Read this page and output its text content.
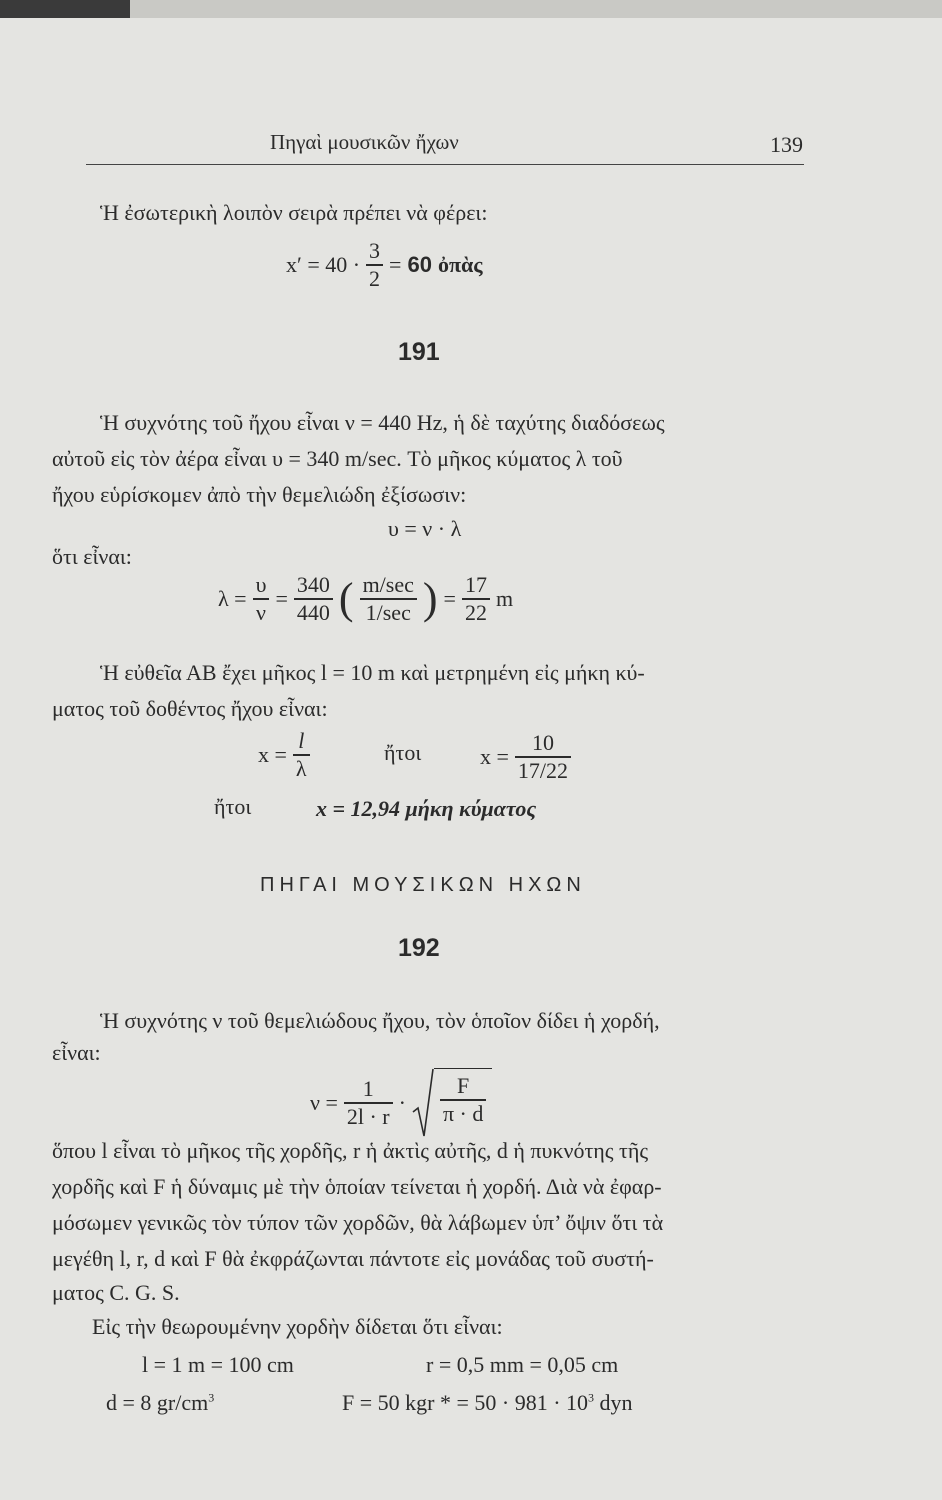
Πηγαὶ μουσικῶν ἤχων	139
Ἡ ἐσωτερικὴ λοιπὸν σειρὰ πρέπει νὰ φέρει:
$x' = 40 \cdot \frac{3}{2} = 60$ ὀπὰς
191
Ἡ συχνότης τοῦ ἤχου εἶναι ν = 440 Hz, ἡ δὲ ταχύτης διαδόσεως
αὐτοῦ εἰς τὸν ἀέρα εἶναι υ = 340 m/sec. Τὸ μῆκος κύματος λ τοῦ
ἤχου εὑρίσκομεν ἀπὸ τὴν θεμελιώδη ἐξίσωσιν:
υ = ν · λ
ὅτι εἶναι:
$\lambda = \frac{\upsilon}{\nu} = \frac{340}{440}$ ( $\frac{m/\sec}{1/\sec}$ ) = $\frac{17}{22}$ m
Ἡ εὐθεῖα ΑΒ ἔχει μῆκος l = 10 m καὶ μετρημένη εἰς μήκη κύ-
ματος τοῦ δοθέντος ἤχου εἶναι:
$x = \frac{l}{\lambda}$	ἤτοι	$x = \frac{10}{17/22}$
ἤτοι	x = 12,94 μήκη κύματος
ΠΗΓΑΙ ΜΟΥΣΙΚΩΝ ΗΧΩΝ
192
Ἡ συχνότης ν τοῦ θεμελιώδους ἤχου, τὸν ὁποῖον δίδει ἡ χορδή,
εἶναι:
$\nu = \frac{1}{2l \cdot r} \cdot \frac{F}{\pi \cdot d}$
ὅπου l εἶναι τὸ μῆκος τῆς χορδῆς, r ἡ ἀκτὶς αὐτῆς, d ἡ πυκνότης τῆς
χορδῆς καὶ F ἡ δύναμις μὲ τὴν ὁποίαν τείνεται ἡ χορδή. Διὰ νὰ ἐφαρ-
μόσωμεν γενικῶς τὸν τύπον τῶν χορδῶν, θὰ λάβωμεν ὑπ’ ὄψιν ὅτι τὰ
μεγέθη l, r, d καὶ F θὰ ἐκφράζωνται πάντοτε εἰς μονάδας τοῦ συστή-
ματος C. G. S.
Εἰς τὴν θεωρουμένην χορδὴν δίδεται ὅτι εἶναι:
l = 1 m = 100 cm	r = 0,5 mm = 0,05 cm
d = 8 $gr/cm^3$	F = 50 kgr * = $50 \cdot 981 \cdot 10^3$ dyn
